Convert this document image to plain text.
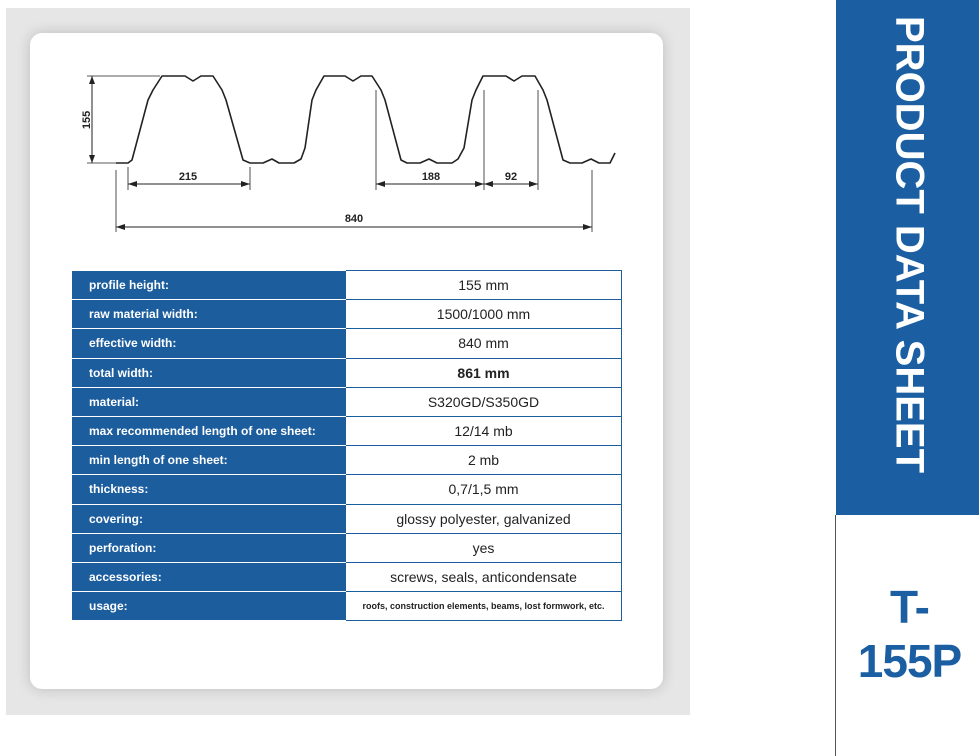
155
215	188	92
840
profile height:	155 mm
raw material width:	1500/1000 mm
effective width:	840 mm
total width:	861 mm
material:	S320GD/S350GD
max recommended length of one sheet:	12/14 mb
min length of one sheet:	2 mb
thickness:	0,7/1,5 mm
covering:	glossy polyester, galvanized
perforation:	yes
accessories:	screws, seals, anticondensate
usage:	roofs, construction elements, beams, lost formwork, etc.
PRODUCT DATA SHEET
T-155P
